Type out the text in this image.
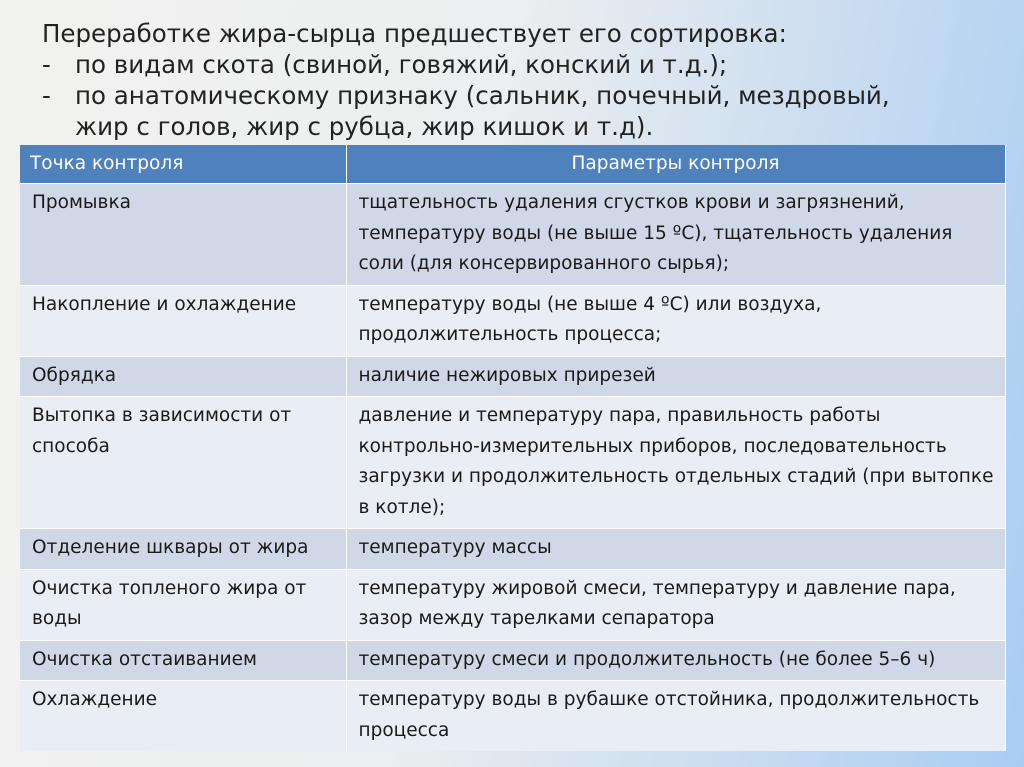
Переработке жира-сырца предшествует его сортировка:
- по видам скота (свиной, говяжий, конский и т.д.);
- по анатомическому признаку (сальник, почечный, мездровый,
жир с голов, жир с рубца, жир кишок и т.д).
Точка контроля	Параметры контроля
Промывка	тщательность удаления сгустков крови и загрязнений, температуру воды (не выше 15 ºС), тщательность удаления соли (для консервированного сырья);
Накопление и охлаждение	температуру воды (не выше 4 ºС) или воздуха, продолжительность процесса;
Обрядка	наличие нежировых прирезей
Вытопка в зависимости от способа	давление и температуру пара, правильность работы контрольно-измерительных приборов, последовательность загрузки и продолжительность отдельных стадий (при вытопке в котле);
Отделение шквары от жира	температуру массы
Очистка топленого жира от воды	температуру жировой смеси, температуру и давление пара, зазор между тарелками сепаратора
Очистка отстаиванием	температуру смеси и продолжительность (не более 5–6 ч)
Охлаждение	температуру воды в рубашке отстойника, продолжительность процесса
